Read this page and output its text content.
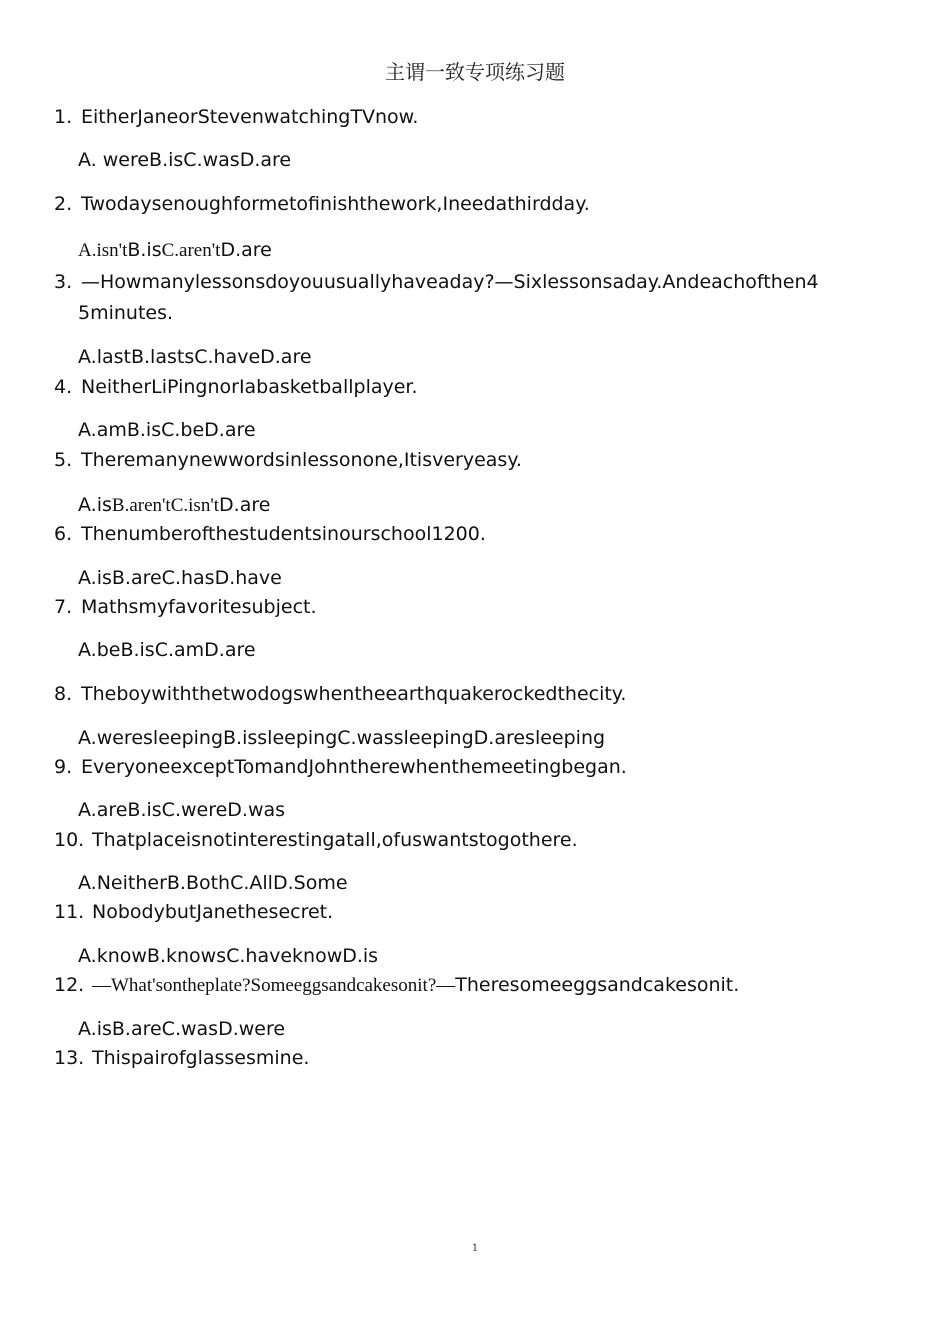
主谓一致专项练习题
1. EitherJaneorStevenwatchingTVnow.
A. wereB.isC.wasD.are
2. Twodaysenoughformetofinishthework,Ineedathirdday.
A.isn'tB.isC.aren'tD.are
3. —Howmanylessonsdoyouusuallyhaveaday?—Sixlessonsaday.Andeachofthen4
5minutes.
A.lastB.lastsC.haveD.are
4. NeitherLiPingnorIabasketballplayer.
A.amB.isC.beD.are
5. Theremanynewwordsinlessonone,Itisveryeasy.
A.isB.aren'tC.isn'tD.are
6. Thenumberofthestudentsinourschool1200.
A.isB.areC.hasD.have
7. Mathsmyfavoritesubject.
A.beB.isC.amD.are
8. Theboywiththetwodogswhentheearthquakerockedthecity.
A.weresleepingB.issleepingC.wassleepingD.aresleeping
9. EveryoneexceptTomandJohntherewhenthemeetingbegan.
A.areB.isC.wereD.was
10. Thatplaceisnotinterestingatall,ofuswantstogothere.
A.NeitherB.BothC.AllD.Some
11. NobodybutJanethesecret.
A.knowB.knowsC.haveknowD.is
12. —What'sontheplate?Someeggsandcakesonit?—Theresomeeggsandcakesonit.
A.isB.areC.wasD.were
13. Thispairofglassesmine.
1
